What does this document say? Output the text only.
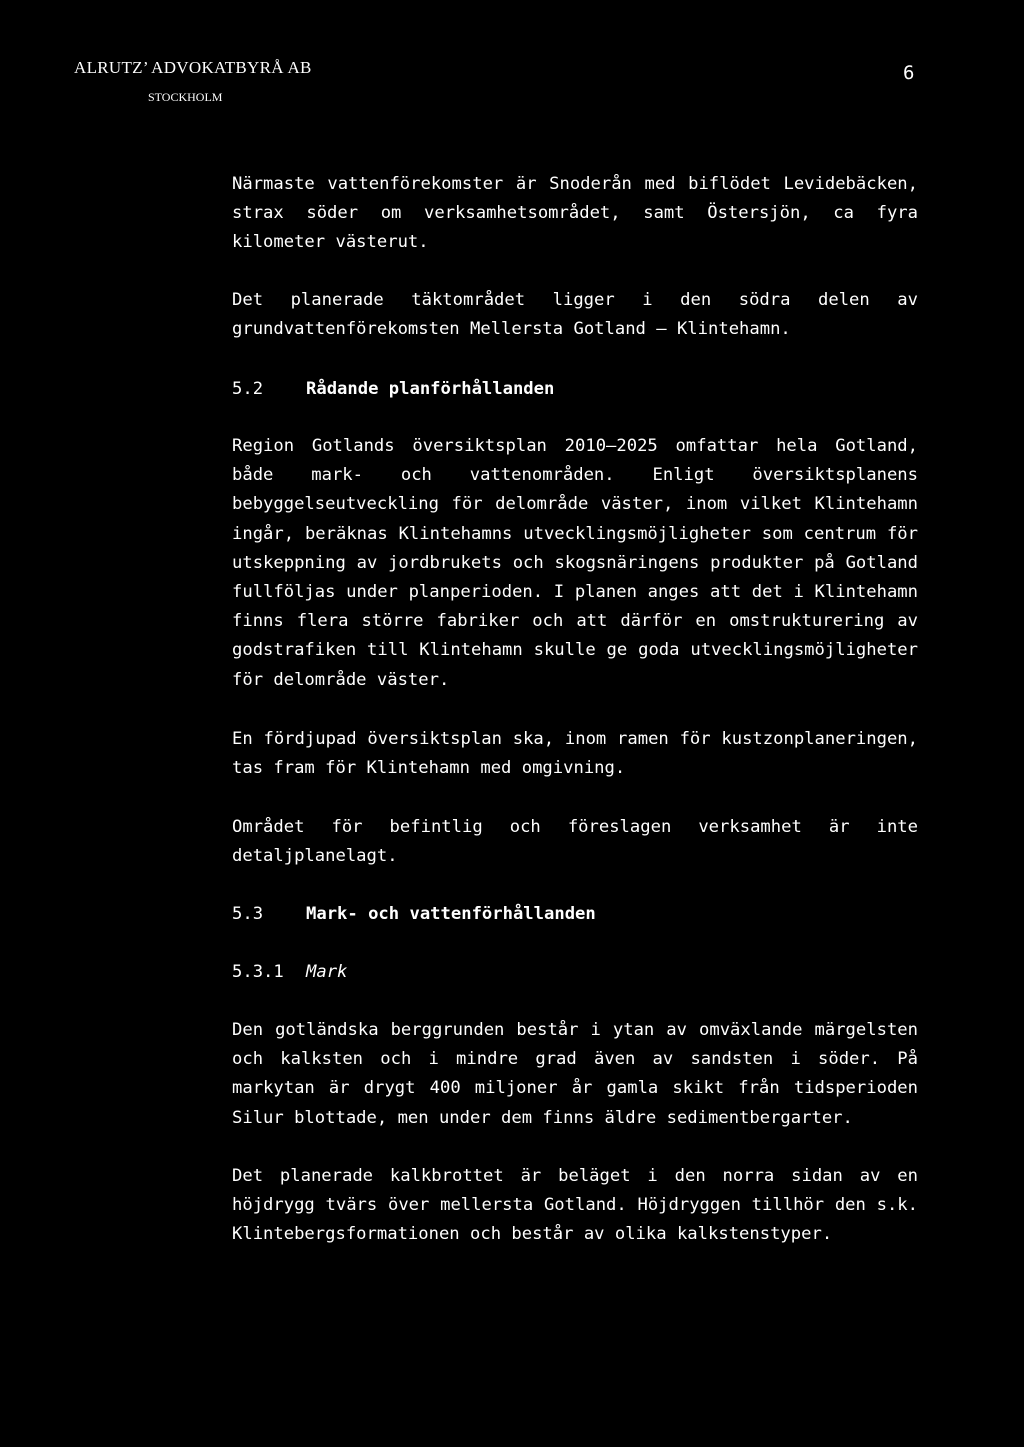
ALRUTZ’ ADVOKATBYRÅ AB
STOCKHOLM
6

Närmaste vattenförekomster är Snoderån med biflödet Levidebäcken, strax söder om verksamhetsområdet, samt Östersjön, ca fyra kilometer västerut.

Det planerade täktområdet ligger i den södra delen av grundvattenförekomsten Mellersta Gotland – Klintehamn.

5.2 Rådande planförhållanden

Region Gotlands översiktsplan 2010–2025 omfattar hela Gotland, både mark- och vattenområden. Enligt översiktsplanens bebyggelseutveckling för delområde väster, inom vilket Klintehamn ingår, beräknas Klintehamns utvecklingsmöjligheter som centrum för utskeppning av jordbrukets och skogsnäringens produkter på Gotland fullföljas under planperioden. I planen anges att det i Klintehamn finns flera större fabriker och att därför en omstrukturering av godstrafiken till Klintehamn skulle ge goda utvecklingsmöjligheter för delområde väster.

En fördjupad översiktsplan ska, inom ramen för kustzonplaneringen, tas fram för Klintehamn med omgivning.

Området för befintlig och föreslagen verksamhet är inte detaljplanelagt.

5.3 Mark- och vattenförhållanden
5.3.1 Mark

Den gotländska berggrunden består i ytan av omväxlande märgelsten och kalksten och i mindre grad även av sandsten i söder. På markytan är drygt 400 miljoner år gamla skikt från tidsperioden Silur blottade, men under dem finns äldre sedimentbergarter.

Det planerade kalkbrottet är beläget i den norra sidan av en höjdrygg tvärs över mellersta Gotland. Höjdryggen tillhör den s.k. Klintebergsformationen och består av olika kalkstenstyper.
